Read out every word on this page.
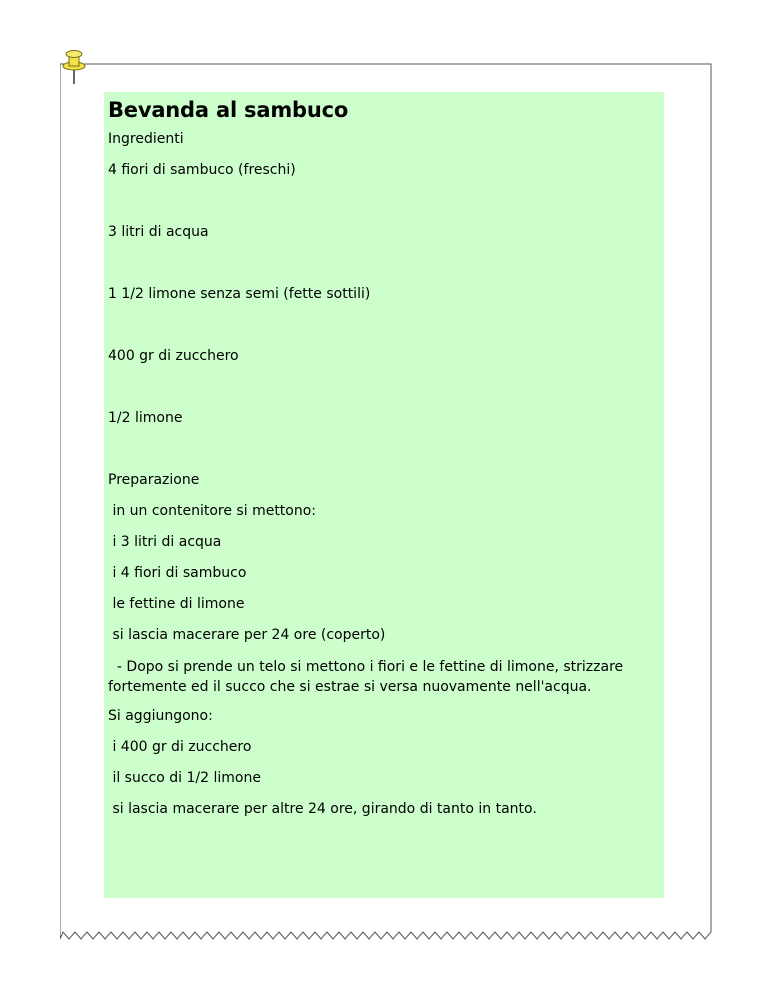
Bevanda al sambuco
Ingredienti
4 fiori di sambuco (freschi)
3 litri di acqua
1 1/2 limone senza semi (fette sottili)
400 gr di zucchero
1/2 limone
Preparazione
in un contenitore si mettono:
i 3 litri di acqua
i 4 fiori di sambuco
le fettine di limone
si lascia macerare per 24 ore (coperto)
- Dopo si prende un telo si mettono i fiori e le fettine di limone, strizzare fortemente ed il succo che si estrae si versa nuovamente nell'acqua.
Si aggiungono:
i 400 gr di zucchero
il succo di 1/2 limone
si lascia macerare per altre 24 ore, girando di tanto in tanto.
